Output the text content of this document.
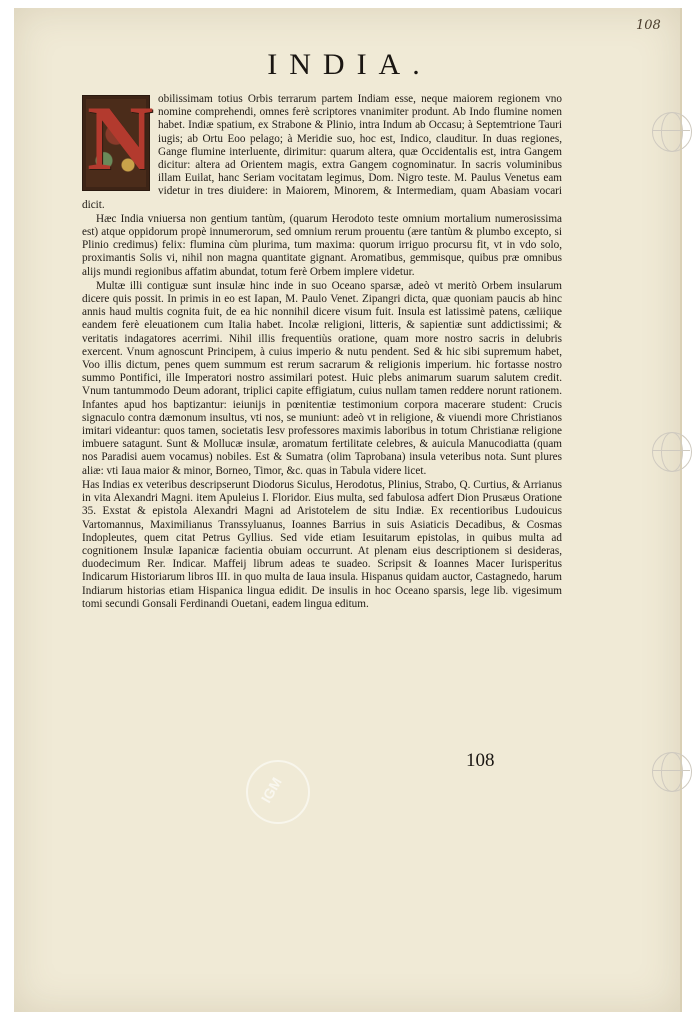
108
INDIA.
N obilissimam totius Orbis terrarum partem Indiam esse, neque maiorem regionem vno nomine comprehendi, omnes ferè scriptores vnanimiter produnt. Ab Indo flumine nomen habet. Indiæ spatium, ex Strabone & Plinio, intra Indum ab Occasu; à Septemtrione Tauri iugis; ab Ortu Eoo pelago; à Meridie suo, hoc est, Indico, clauditur. In duas regiones, Gange flumine interluente, dirimitur: quarum altera, quæ Occidentalis est, intra Gangem dicitur: altera ad Orientem magis, extra Gangem cognominatur. In sacris voluminibus illam Euilat, hanc Seriam vocitatam legimus, Dom. Nigro teste. M. Paulus Venetus eam videtur in tres diuidere: in Maiorem, Minorem, & Intermediam, quam Abasiam vocari dicit.

Hæc India vniuersa non gentium tantùm, (quarum Herodoto teste omnium mortalium numerosissima est) atque oppidorum propè innumerorum, sed omnium rerum prouentu (ære tantùm & plumbo excepto, si Plinio credimus) felix: flumina cùm plurima, tum maxima: quorum irriguo procursu fit, vt in vdo solo, proximantis Solis vi, nihil non magna quantitate gignant. Aromatibus, gemmisque, quibus præ omnibus alijs mundi regionibus affatim abundat, totum ferè Orbem implere videtur.

Multæ illi contiguæ sunt insulæ hinc inde in suo Oceano sparsæ, adeò vt meritò Orbem insularum dicere quis possit. In primis in eo est Iapan, M. Paulo Venet. Zipangri dicta, quæ quoniam paucis ab hinc annis haud multis cognita fuit, de ea hic nonnihil dicere visum fuit. Insula est latissimè patens, cæliique eandem ferè eleuationem cum Italia habet. Incolæ religioni, litteris, & sapientiæ sunt addictissimi; & veritatis indagatores acerrimi. Nihil illis frequentiùs oratione, quam more nostro sacris in delubris exercent. Vnum agnoscunt Principem, à cuius imperio & nutu pendent. Sed & hic sibi supremum habet, Voo illis dictum, penes quem summum est rerum sacrarum & religionis imperium. hic fortasse nostro summo Pontifici, ille Imperatori nostro assimilari potest. Huic plebs animarum suarum salutem credit. Vnum tantummodo Deum adorant, triplici capite effigiatum, cuius nullam tamen reddere norunt rationem. Infantes apud hos baptizantur: ieiunijs in pœnitentiæ testimonium corpora macerare student: Crucis signaculo contra dæmonum insultus, vti nos, se muniunt: adeò vt in religione, & viuendi more Christianos imitari videantur: quos tamen, societatis Iesv professores maximis laboribus in totum Christianæ religione imbuere satagunt. Sunt & Mollucæ insulæ, aromatum fertilitate celebres, & auicula Manucodiatta (quam nos Paradisi auem vocamus) nobiles. Est & Sumatra (olim Taprobana) insula veteribus nota. Sunt plures aliæ: vti Iaua maior & minor, Borneo, Timor, &c. quas in Tabula videre licet.

Has Indias ex veteribus descripserunt Diodorus Siculus, Herodotus, Plinius, Strabo, Q. Curtius, & Arrianus in vita Alexandri Magni. item Apuleius I. Floridor. Eius multa, sed fabulosa adfert Dion Prusæus Oratione 35. Exstat & epistola Alexandri Magni ad Aristotelem de situ Indiæ. Ex recentioribus Ludouicus Vartomannus, Maximilianus Transsyluanus, Ioannes Barrius in suis Asiaticis Decadibus, & Cosmas Indopleutes, quem citat Petrus Gyllius. Sed vide etiam Iesuitarum epistolas, in quibus multa ad cognitionem Insulæ Iapanicæ facientia obuiam occurrunt. At plenam eius descriptionem si desideras, duodecimum Rer. Indicar. Maffeij librum adeas te suadeo. Scripsit & Ioannes Macer Iurisperitus Indicarum Historiarum libros III. in quo multa de Iaua insula. Hispanus quidam auctor, Castagnedo, harum Indiarum historias etiam Hispanica lingua edidit. De insulis in hoc Oceano sparsis, lege lib. vigesimum tomi secundi Gonsali Ferdinandi Ouetani, eadem lingua editum.

108
IGM
